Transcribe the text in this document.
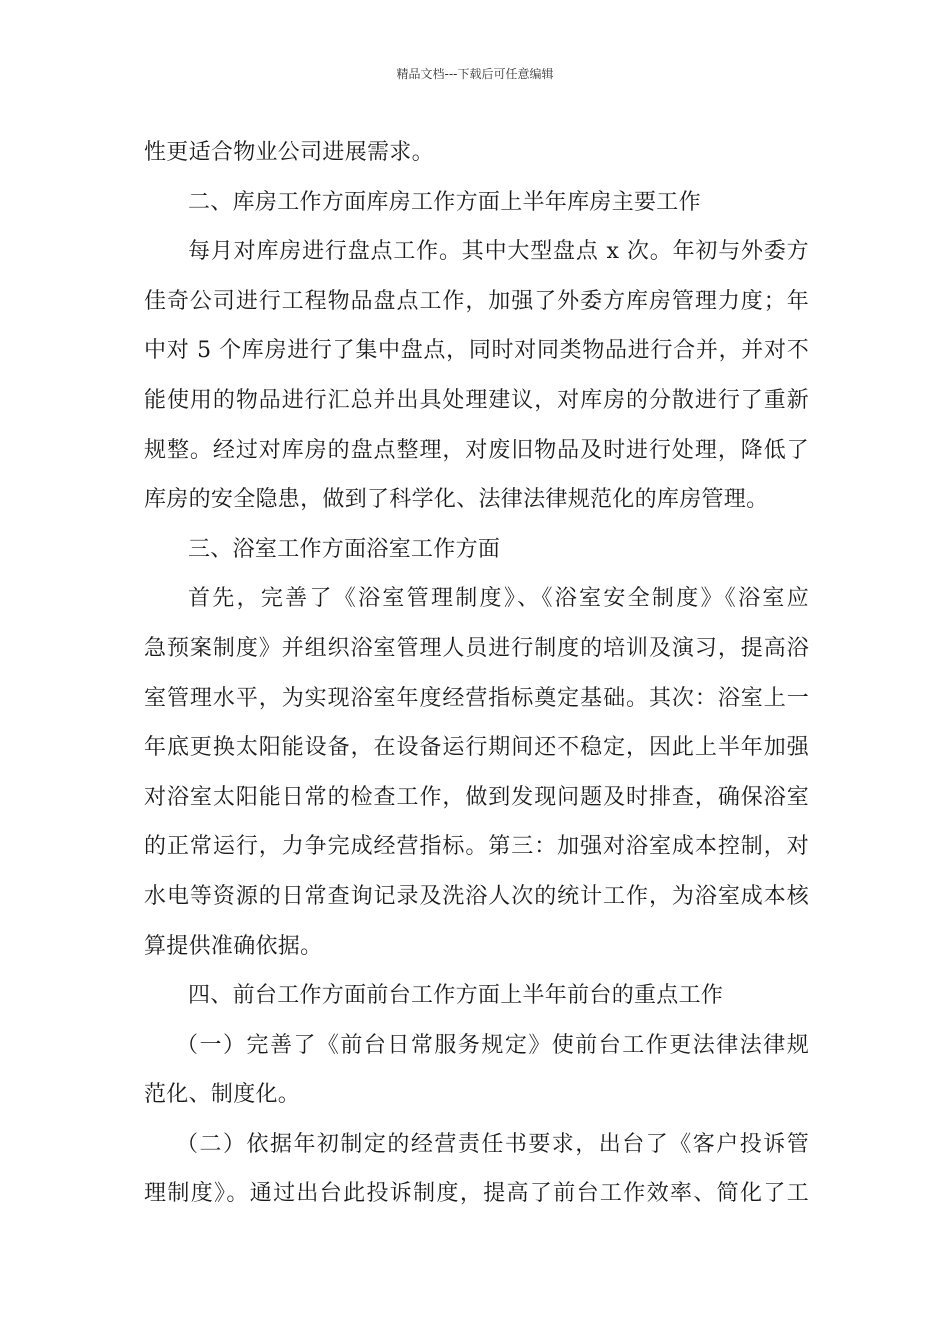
精品文档---下载后可任意编辑
性更适合物业公司进展需求。
二、库房工作方面库房工作方面上半年库房主要工作
每月对库房进行盘点工作。其中大型盘点 x 次。年初与外委方
佳奇公司进行工程物品盘点工作，加强了外委方库房管理力度；年
中对 5 个库房进行了集中盘点，同时对同类物品进行合并，并对不
能使用的物品进行汇总并出具处理建议，对库房的分散进行了重新
规整。经过对库房的盘点整理，对废旧物品及时进行处理，降低了
库房的安全隐患，做到了科学化、法律法律规范化的库房管理。
三、浴室工作方面浴室工作方面
首先，完善了《浴室管理制度》、《浴室安全制度》《浴室应
急预案制度》并组织浴室管理人员进行制度的培训及演习，提高浴
室管理水平，为实现浴室年度经营指标奠定基础。其次：浴室上一
年底更换太阳能设备，在设备运行期间还不稳定，因此上半年加强
对浴室太阳能日常的检查工作，做到发现问题及时排查，确保浴室
的正常运行，力争完成经营指标。第三：加强对浴室成本控制，对
水电等资源的日常查询记录及洗浴人次的统计工作，为浴室成本核
算提供准确依据。
四、前台工作方面前台工作方面上半年前台的重点工作
（一）完善了《前台日常服务规定》使前台工作更法律法律规
范化、制度化。
（二）依据年初制定的经营责任书要求，出台了《客户投诉管
理制度》。通过出台此投诉制度，提高了前台工作效率、简化了工
